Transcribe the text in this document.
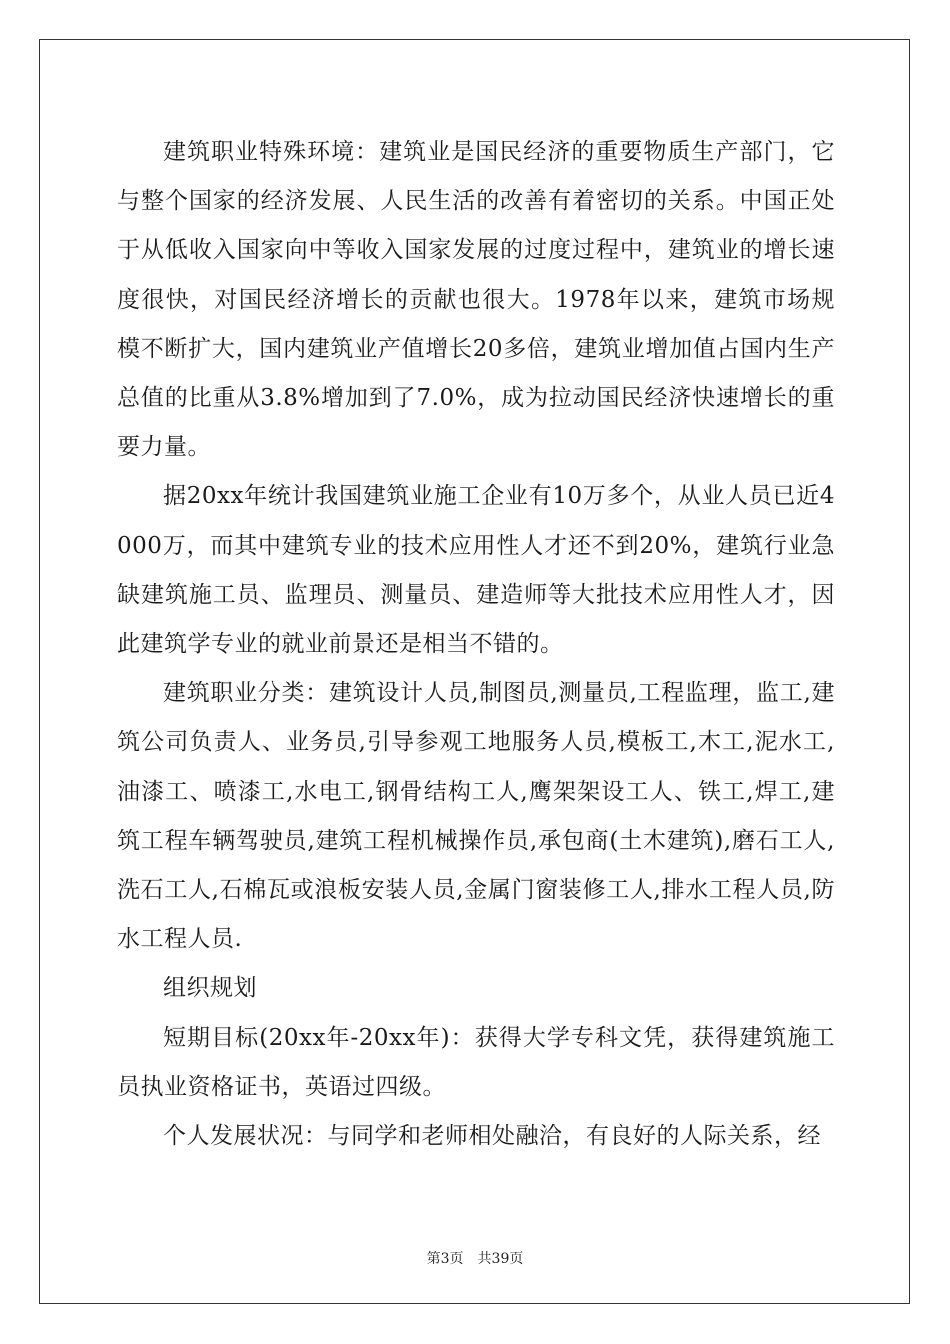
建筑职业特殊环境：建筑业是国民经济的重要物质生产部门，它与整个国家的经济发展、人民生活的改善有着密切的关系。中国正处于从低收入国家向中等收入国家发展的过度过程中，建筑业的增长速度很快，对国民经济增长的贡献也很大。1978年以来，建筑市场规模不断扩大，国内建筑业产值增长20多倍，建筑业增加值占国内生产总值的比重从3.8%增加到了7.0%，成为拉动国民经济快速增长的重要力量。

据20xx年统计我国建筑业施工企业有10万多个，从业人员已近4000万，而其中建筑专业的技术应用性人才还不到20%，建筑行业急缺建筑施工员、监理员、测量员、建造师等大批技术应用性人才，因此建筑学专业的就业前景还是相当不错的。

建筑职业分类：建筑设计人员,制图员,测量员,工程监理，监工,建筑公司负责人、业务员,引导参观工地服务人员,模板工,木工,泥水工,油漆工、喷漆工,水电工,钢骨结构工人,鹰架架设工人、铁工,焊工,建筑工程车辆驾驶员,建筑工程机械操作员,承包商(土木建筑),磨石工人,洗石工人,石棉瓦或浪板安装人员,金属门窗装修工人,排水工程人员,防水工程人员.

组织规划

短期目标(20xx年-20xx年)：获得大学专科文凭，获得建筑施工员执业资格证书，英语过四级。

个人发展状况：与同学和老师相处融洽，有良好的人际关系，经

第3页 共39页
